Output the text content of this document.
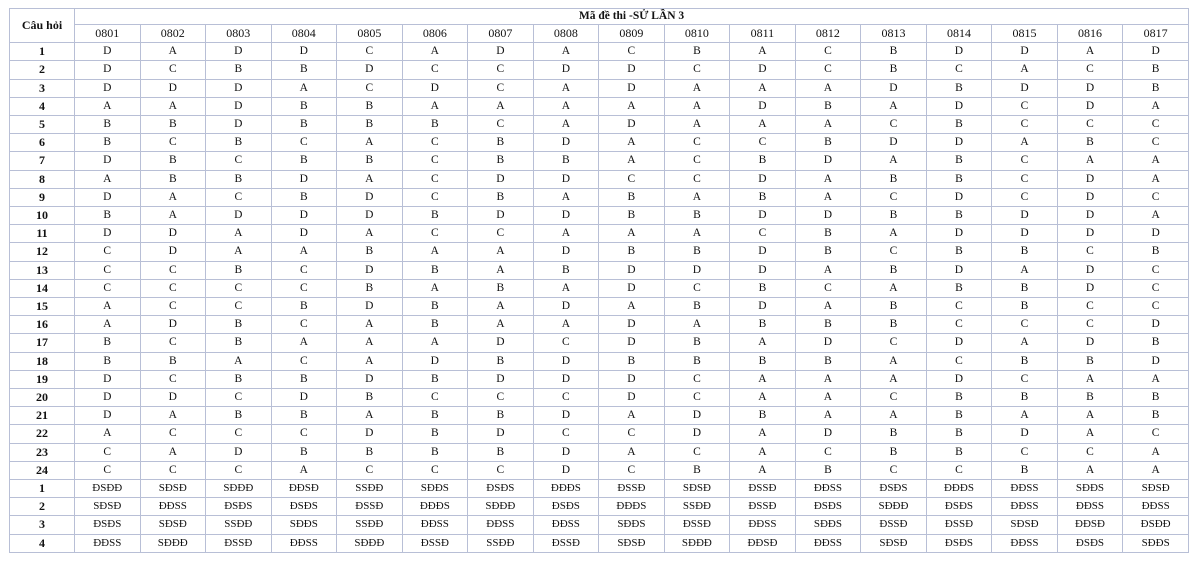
Câu hỏi	Mã đề thi -SỬ LẦN 3																
	0801	0802	0803	0804	0805	0806	0807	0808	0809	0810	0811	0812	0813	0814	0815	0816	0817
1	D	A	D	D	C	A	D	A	C	B	A	C	B	D	D	A	D
2	D	C	B	B	D	C	C	D	D	C	D	C	B	C	A	C	B
3	D	D	D	A	C	D	C	A	D	A	A	A	D	B	D	D	B
4	A	A	D	B	B	A	A	A	A	A	D	B	A	D	C	D	A
5	B	B	D	B	B	B	C	A	D	A	A	A	C	B	C	C	C
6	B	C	B	C	A	C	B	D	A	C	C	B	D	D	A	B	C
7	D	B	C	B	B	C	B	B	A	C	B	D	A	B	C	A	A
8	A	B	B	D	A	C	D	D	C	C	D	A	B	B	C	D	A
9	D	A	C	B	D	C	B	A	B	A	B	A	C	D	C	D	C
10	B	A	D	D	D	B	D	D	B	B	D	D	B	B	D	D	A
11	D	D	A	D	A	C	C	A	A	A	C	B	A	D	D	D	D
12	C	D	A	A	B	A	A	D	B	B	D	B	C	B	B	C	B
13	C	C	B	C	D	B	A	B	D	D	D	A	B	D	A	D	C
14	C	C	C	C	B	A	B	A	D	C	B	C	A	B	B	D	C
15	A	C	C	B	D	B	A	D	A	B	D	A	B	C	B	C	C
16	A	D	B	C	A	B	A	A	D	A	B	B	B	C	C	C	D
17	B	C	B	A	A	A	D	C	D	B	A	D	C	D	A	D	B
18	B	B	A	C	A	D	B	D	B	B	B	B	A	C	B	B	D
19	D	C	B	B	D	B	D	D	D	C	A	A	A	D	C	A	A
20	D	D	C	D	B	C	C	C	D	C	A	A	C	B	B	B	B
21	D	A	B	B	A	B	B	D	A	D	B	A	A	B	A	A	B
22	A	C	C	C	D	B	D	C	C	D	A	D	B	B	D	A	C
23	C	A	D	B	B	B	B	D	A	C	A	C	B	B	C	C	A
24	C	C	C	A	C	C	C	D	C	B	A	B	C	C	B	A	A
1	ĐSĐĐ	SĐSĐ	SĐĐĐ	ĐĐSĐ	SSĐĐ	SĐĐS	ĐSĐS	ĐĐĐS	ĐSSĐ	SĐSĐ	ĐSSĐ	ĐĐSS	ĐSĐS	ĐĐĐS	ĐĐSS	SĐĐS	SĐSĐ
2	SĐSĐ	ĐĐSS	ĐSĐS	ĐSĐS	ĐSSĐ	ĐĐĐS	SĐĐĐ	ĐSĐS	ĐĐĐS	SSĐĐ	ĐSSĐ	ĐSĐS	SĐĐĐ	ĐSĐS	ĐĐSS	ĐĐSS	ĐĐSS
3	ĐSĐS	SĐSĐ	SSĐĐ	SĐĐS	SSĐĐ	ĐĐSS	ĐĐSS	ĐĐSS	SĐĐS	ĐSSĐ	ĐĐSS	SĐĐS	ĐSSĐ	ĐSSĐ	SĐSĐ	ĐĐSĐ	ĐSĐĐ
4	ĐĐSS	SĐĐĐ	ĐSSĐ	ĐĐSS	SĐĐĐ	ĐSSĐ	SSĐĐ	ĐSSĐ	SĐSĐ	SĐĐĐ	ĐĐSĐ	ĐĐSS	SĐSĐ	ĐSĐS	ĐĐSS	ĐSĐS	SĐĐS
